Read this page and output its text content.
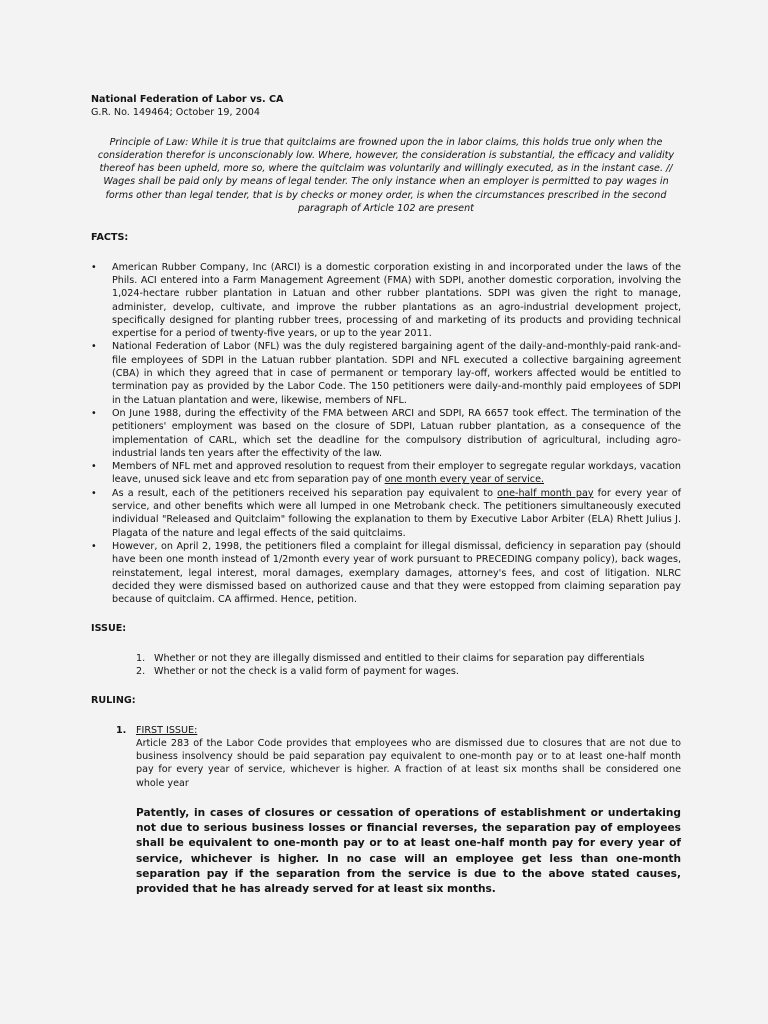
National Federation of Labor vs. CA
G.R. No. 149464; October 19, 2004
Principle of Law: While it is true that quitclaims are frowned upon the in labor claims, this holds true only when the consideration therefor is unconscionably low. Where, however, the consideration is substantial, the efficacy and validity thereof has been upheld, more so, where the quitclaim was voluntarily and willingly executed, as in the instant case. // Wages shall be paid only by means of legal tender. The only instance when an employer is permitted to pay wages in forms other than legal tender, that is by checks or money order, is when the circumstances prescribed in the second paragraph of Article 102 are present
FACTS:
• American Rubber Company, Inc (ARCI) is a domestic corporation existing in and incorporated under the laws of the Phils. ACI entered into a Farm Management Agreement (FMA) with SDPI, another domestic corporation, involving the 1,024-hectare rubber plantation in Latuan and other rubber plantations. SDPI was given the right to manage, administer, develop, cultivate, and improve the rubber plantations as an agro-industrial development project, specifically designed for planting rubber trees, processing of and marketing of its products and providing technical expertise for a period of twenty-five years, or up to the year 2011.
• National Federation of Labor (NFL) was the duly registered bargaining agent of the daily-and-monthly-paid rank-and-file employees of SDPI in the Latuan rubber plantation. SDPI and NFL executed a collective bargaining agreement (CBA) in which they agreed that in case of permanent or temporary lay-off, workers affected would be entitled to termination pay as provided by the Labor Code. The 150 petitioners were daily-and-monthly paid employees of SDPI in the Latuan plantation and were, likewise, members of NFL.
• On June 1988, during the effectivity of the FMA between ARCI and SDPI, RA 6657 took effect. The termination of the petitioners' employment was based on the closure of SDPI, Latuan rubber plantation, as a consequence of the implementation of CARL, which set the deadline for the compulsory distribution of agricultural, including agro-industrial lands ten years after the effectivity of the law.
• Members of NFL met and approved resolution to request from their employer to segregate regular workdays, vacation leave, unused sick leave and etc from separation pay of one month every year of service.
• As a result, each of the petitioners received his separation pay equivalent to one-half month pay for every year of service, and other benefits which were all lumped in one Metrobank check. The petitioners simultaneously executed individual "Released and Quitclaim" following the explanation to them by Executive Labor Arbiter (ELA) Rhett Julius J. Plagata of the nature and legal effects of the said quitclaims.
• However, on April 2, 1998, the petitioners filed a complaint for illegal dismissal, deficiency in separation pay (should have been one month instead of 1/2month every year of work pursuant to PRECEDING company policy), back wages, reinstatement, legal interest, moral damages, exemplary damages, attorney's fees, and cost of litigation. NLRC decided they were dismissed based on authorized cause and that they were estopped from claiming separation pay because of quitclaim. CA affirmed. Hence, petition.
ISSUE:
1. Whether or not they are illegally dismissed and entitled to their claims for separation pay differentials
2. Whether or not the check is a valid form of payment for wages.
RULING:
1. FIRST ISSUE:
Article 283 of the Labor Code provides that employees who are dismissed due to closures that are not due to business insolvency should be paid separation pay equivalent to one-month pay or to at least one-half month pay for every year of service, whichever is higher. A fraction of at least six months shall be considered one whole year
Patently, in cases of closures or cessation of operations of establishment or undertaking not due to serious business losses or financial reverses, the separation pay of employees shall be equivalent to one-month pay or to at least one-half month pay for every year of service, whichever is higher. In no case will an employee get less than one-month separation pay if the separation from the service is due to the above stated causes, provided that he has already served for at least six months.
